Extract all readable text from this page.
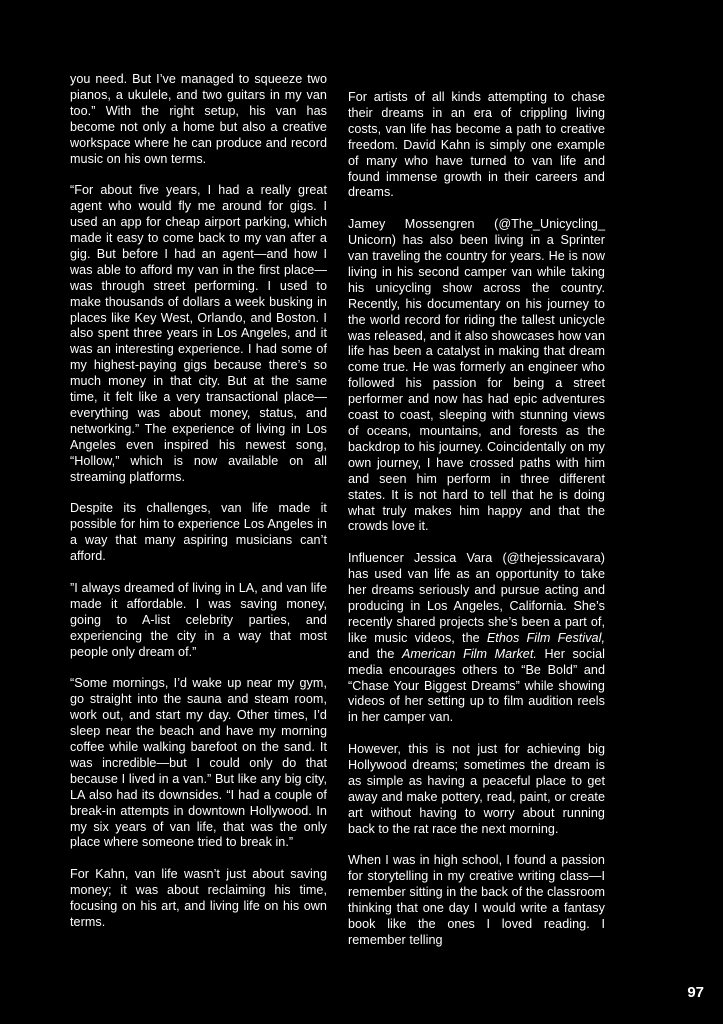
you need. But I’ve managed to squeeze two pianos, a ukulele, and two guitars in my van too.” With the right setup, his van has become not only a home but also a creative workspace where he can produce and record music on his own terms.

“For about five years, I had a really great agent who would fly me around for gigs. I used an app for cheap airport parking, which made it easy to come back to my van after a gig. But before I had an agent—and how I was able to afford my van in the first place—was through street performing. I used to make thousands of dollars a week busking in places like Key West, Orlando, and Boston. I also spent three years in Los Angeles, and it was an interesting experience. I had some of my highest-paying gigs because there’s so much money in that city. But at the same time, it felt like a very transactional place—everything was about money, status, and networking.” The experience of living in Los Angeles even inspired his newest song, “Hollow,” which is now available on all streaming platforms.

Despite its challenges, van life made it possible for him to experience Los Angeles in a way that many aspiring musicians can’t afford.

”I always dreamed of living in LA, and van life made it affordable. I was saving money, going to A-list celebrity parties, and experiencing the city in a way that most people only dream of.”

“Some mornings, I’d wake up near my gym, go straight into the sauna and steam room, work out, and start my day. Other times, I’d sleep near the beach and have my morning coffee while walking barefoot on the sand. It was incredible—but I could only do that because I lived in a van.” But like any big city, LA also had its downsides. “I had a couple of break-in attempts in downtown Hollywood. In my six years of van life, that was the only place where someone tried to break in.”

For Kahn, van life wasn’t just about saving money; it was about reclaiming his time, focusing on his art, and living life on his own terms.

For artists of all kinds attempting to chase their dreams in an era of crippling living costs, van life has become a path to creative freedom. David Kahn is simply one example of many who have turned to van life and found immense growth in their careers and dreams.

Jamey Mossengren (@The_Unicycling_ Unicorn) has also been living in a Sprinter van traveling the country for years. He is now living in his second camper van while taking his unicycling show across the country. Recently, his documentary on his journey to the world record for riding the tallest unicycle was released, and it also showcases how van life has been a catalyst in making that dream come true. He was formerly an engineer who followed his passion for being a street performer and now has had epic adventures coast to coast, sleeping with stunning views of oceans, mountains, and forests as the backdrop to his journey. Coincidentally on my own journey, I have crossed paths with him and seen him perform in three different states. It is not hard to tell that he is doing what truly makes him happy and that the crowds love it.

Influencer Jessica Vara (@thejessicavara) has used van life as an opportunity to take her dreams seriously and pursue acting and producing in Los Angeles, California. She’s recently shared projects she’s been a part of, like music videos, the Ethos Film Festival, and the American Film Market. Her social media encourages others to “Be Bold” and “Chase Your Biggest Dreams” while showing videos of her setting up to film audition reels in her camper van.

However, this is not just for achieving big Hollywood dreams; sometimes the dream is as simple as having a peaceful place to get away and make pottery, read, paint, or create art without having to worry about running back to the rat race the next morning.

When I was in high school, I found a passion for storytelling in my creative writing class—I remember sitting in the back of the classroom thinking that one day I would write a fantasy book like the ones I loved reading. I remember telling

97
